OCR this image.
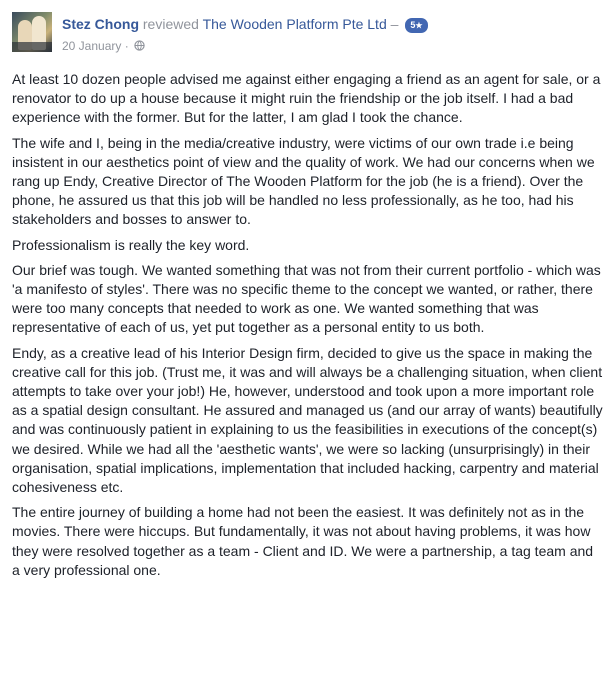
Stez Chong reviewed The Wooden Platform Pte Ltd – 5★
20 January ·

At least 10 dozen people advised me against either engaging a friend as an agent for sale, or a renovator to do up a house because it might ruin the friendship or the job itself. I had a bad experience with the former. But for the latter, I am glad I took the chance.

The wife and I, being in the media/creative industry, were victims of our own trade i.e being insistent in our aesthetics point of view and the quality of work. We had our concerns when we rang up Endy, Creative Director of The Wooden Platform for the job (he is a friend). Over the phone, he assured us that this job will be handled no less professionally, as he too, had his stakeholders and bosses to answer to.

Professionalism is really the key word.

Our brief was tough. We wanted something that was not from their current portfolio - which was 'a manifesto of styles'. There was no specific theme to the concept we wanted, or rather, there were too many concepts that needed to work as one. We wanted something that was representative of each of us, yet put together as a personal entity to us both.

Endy, as a creative lead of his Interior Design firm, decided to give us the space in making the creative call for this job. (Trust me, it was and will always be a challenging situation, when client attempts to take over your job!) He, however, understood and took upon a more important role as a spatial design consultant. He assured and managed us (and our array of wants) beautifully and was continuously patient in explaining to us the feasibilities in executions of the concept(s) we desired. While we had all the 'aesthetic wants', we were so lacking (unsurprisingly) in their organisation, spatial implications, implementation that included hacking, carpentry and material cohesiveness etc.

The entire journey of building a home had not been the easiest. It was definitely not as in the movies. There were hiccups. But fundamentally, it was not about having problems, it was how they were resolved together as a team - Client and ID. We were a partnership, a tag team and a very professional one.
